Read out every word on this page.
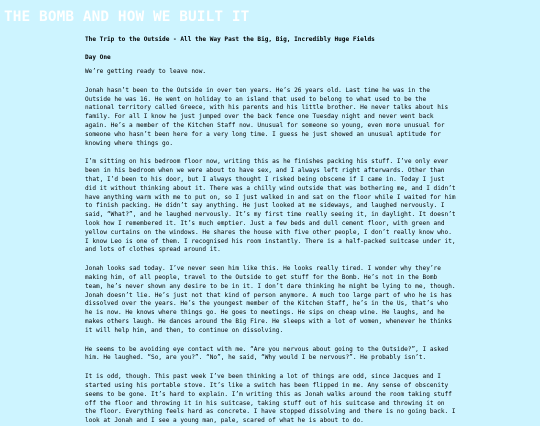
THE BOMB AND HOW WE BUILT IT
The Trip to the Outside - All the Way Past the Big, Big, Incredibly Huge Fields
Day One

We’re getting ready to leave now.

Jonah hasn’t been to the Outside in over ten years. He’s 26 years old. Last time he was in the Outside he was 16. He went on holiday to an island that used to belong to what used to be the national territory called Greece, with his parents and his little brother. He never talks about his family. For all I know he just jumped over the back fence one Tuesday night and never went back again. He’s a member of the Kitchen Staff now. Unusual for someone so young, even more unusual for someone who hasn’t been here for a very long time. I guess he just showed an unusual aptitude for knowing where things go.

I’m sitting on his bedroom floor now, writing this as he finishes packing his stuff. I’ve only ever been in his bedroom when we were about to have sex, and I always left right afterwards. Other than that, I’d been to his door, but I always thought I risked being obscene if I came in. Today I just did it without thinking about it. There was a chilly wind outside that was bothering me, and I didn’t have anything warm with me to put on, so I just walked in and sat on the floor while I waited for him to finish packing. He didn’t say anything. He just looked at me sideways, and laughed nervously. I said, “What?”, and he laughed nervously. It’s my first time really seeing it, in daylight. It doesn’t look how I remembered it. It’s much emptier. Just a few beds and dull cement floor, with green and yellow curtains on the windows. He shares the house with five other people, I don’t really know who. I know Leo is one of them. I recognised his room instantly. There is a half-packed suitcase under it, and lots of clothes spread around it.

Jonah looks sad today. I’ve never seen him like this. He looks really tired. I wonder why they’re making him, of all people, travel to the Outside to get stuff for the Bomb. He’s not in the Bomb team, he’s never shown any desire to be in it. I don’t dare thinking he might be lying to me, though. Jonah doesn’t lie. He’s just not that kind of person anymore. A much too large part of who he is has dissolved over the years. He’s the youngest member of the Kitchen Staff, he’s in the Us, that’s who he is now. He knows where things go. He goes to meetings. He sips on cheap wine. He laughs, and he makes others laugh. He dances around the Big Fire. He sleeps with a lot of women, whenever he thinks it will help him, and then, to continue on dissolving.

He seems to be avoiding eye contact with me. “Are you nervous about going to the Outside?”, I asked him. He laughed. “So, are you?”. “No”, he said, “Why would I be nervous?”. He probably isn’t.

It is odd, though. This past week I’ve been thinking a lot of things are odd, since Jacques and I started using his portable stove. It’s like a switch has been flipped in me. Any sense of obscenity seems to be gone. It’s hard to explain. I’m writing this as Jonah walks around the room taking stuff off the floor and throwing it in his suitcase, taking stuff out of his suitcase and throwing it on the floor. Everything feels hard as concrete. I have stopped dissolving and there is no going back. I look at Jonah and I see a young man, pale, scared of what he is about to do.
